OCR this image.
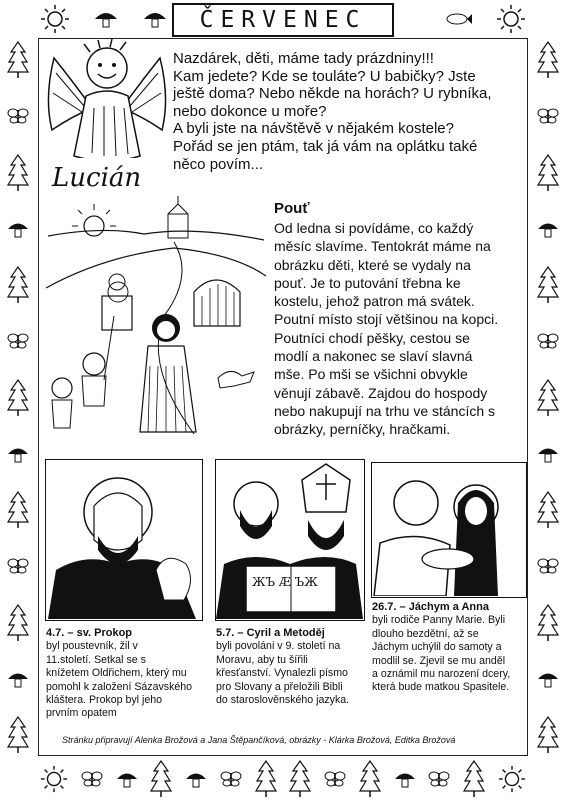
ČERVENEC
Lucián
Nazdárek, děti, máme tady prázdniny!!!
Kam jedete? Kde se touláte? U babičky? Jste
ještě doma? Nebo někde na horách? U rybníka,
nebo dokonce u moře?
A byli jste na návštěvě v nějakém kostele?
Pořád se jen ptám, tak já vám na oplátku také
něco povím...
Pouť
Od ledna si povídáme, co každý
měsíc slavíme. Tentokrát máme na
obrázku děti, které se vydaly na
pouť. Je to putování třebna ke
kostelu, jehož patron má svátek.
Poutní místo stojí většinou na kopci.
Poutníci chodí pěšky, cestou se
modlí a nakonec se slaví slavná
mše. Po mši se všichni obvykle
věnují zábavě. Zajdou do hospody
nebo nakupují na trhu ve stáncích s
obrázky, perníčky, hračkami.
ЖЪ Ӕ ЪЖ
4.7. – sv. Prokop
byl poustevník, žil v
11.století. Setkal se s
knížetem Oldřichem, který mu
pomohl k založení Sázavského
kláštera. Prokop byl jeho
prvním opatem
5.7. – Cyril a Metoděj
byli povoláni v 9. století na
Moravu, aby tu šířili
křesťanství. Vynalezli písmo
pro Slovany a přeložili Bibli
do staroslověnského jazyka.
26.7. – Jáchym a Anna
byli rodiče Panny Marie. Byli
dlouho bezdětní, až se
Jáchym uchýlil do samoty a
modlil se. Zjevil se mu anděl
a oznámil mu narození dcery,
která bude matkou Spasitele.
Stránku připravují Alenka Brožová a Jana Štěpančíková, obrázky - Klárka Brožová, Editka Brožová
